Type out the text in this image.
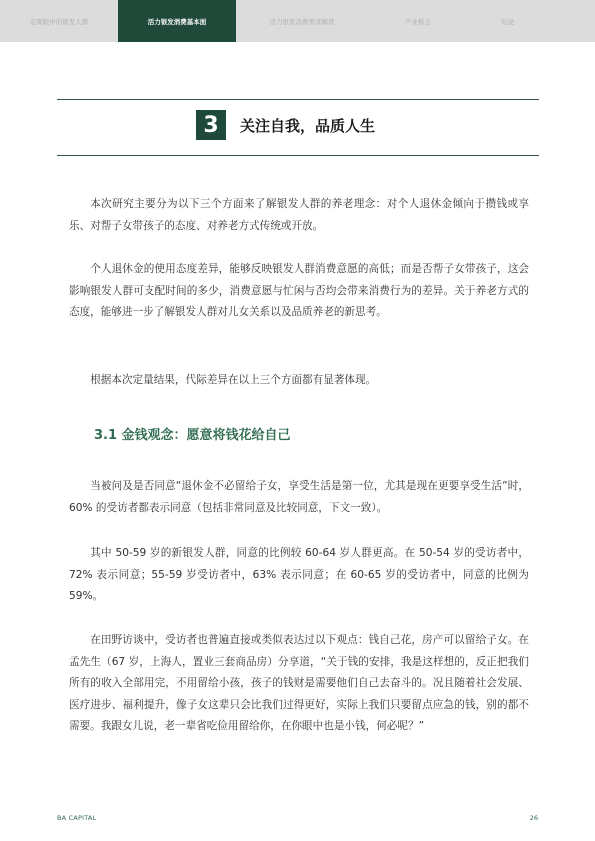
宏观眼中的银发人群	活力银发消费基本面	活力银发消费需求解读	产业机会	结论
3	关注自我，品质人生

本次研究主要分为以下三个方面来了解银发人群的养老理念：对个人退休金倾向于攒钱或享乐、对帮子女带孩子的态度、对养老方式传统或开放。

个人退休金的使用态度差异，能够反映银发人群消费意愿的高低；而是否帮子女带孩子，这会影响银发人群可支配时间的多少，消费意愿与忙闲与否均会带来消费行为的差异。关于养老方式的态度，能够进一步了解银发人群对儿女关系以及品质养老的新思考。

根据本次定量结果，代际差异在以上三个方面都有显著体现。

3.1 金钱观念：愿意将钱花给自己

当被问及是否同意“退休金不必留给子女，享受生活是第一位，尤其是现在更要享受生活”时，60% 的受访者都表示同意（包括非常同意及比较同意，下文一致）。

其中 50-59 岁的新银发人群，同意的比例较 60-64 岁人群更高。在 50-54 岁的受访者中，72% 表示同意；55-59 岁受访者中，63% 表示同意；在 60-65 岁的受访者中，同意的比例为 59%。

在田野访谈中，受访者也普遍直接或类似表达过以下观点：钱自己花，房产可以留给子女。在孟先生（67 岁，上海人，置业三套商品房）分享道，“关于钱的安排，我是这样想的，反正把我们所有的收入全部用完，不用留给小孩，孩子的钱财是需要他们自己去奋斗的。况且随着社会发展、医疗进步、福利提升，像子女这辈只会比我们过得更好，实际上我们只要留点应急的钱，别的都不需要。我跟女儿说，老一辈省吃俭用留给你，在你眼中也是小钱，何必呢？”

BA CAPITAL	26
